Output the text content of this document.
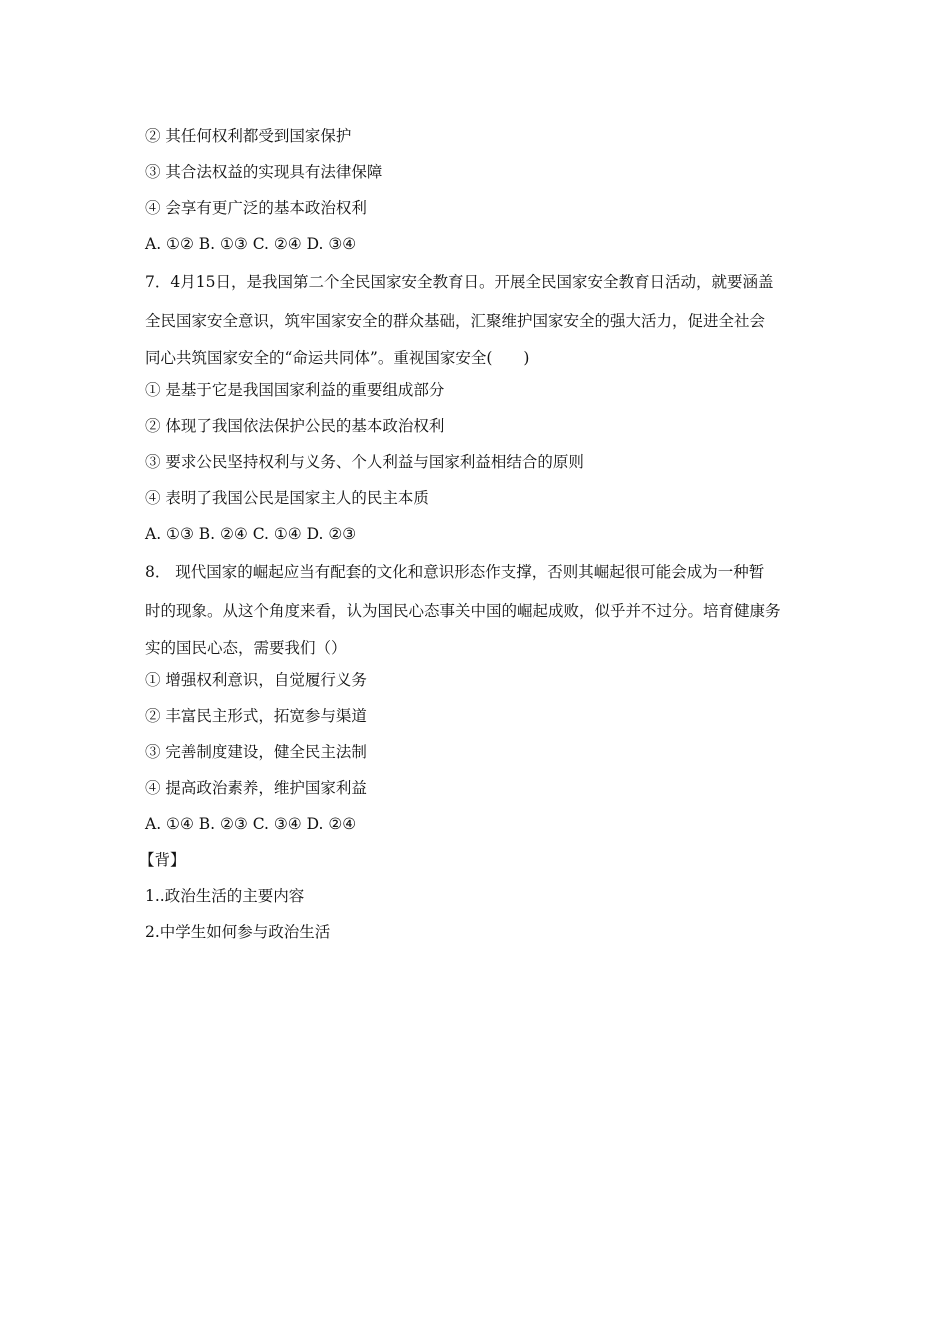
② 其任何权利都受到国家保护

③ 其合法权益的实现具有法律保障

④ 会享有更广泛的基本政治权利

A. ①② B. ①③ C. ②④ D. ③④

7．4月15日，是我国第二个全民国家安全教育日。开展全民国家安全教育日活动，就要涵盖

全民国家安全意识，筑牢国家安全的群众基础，汇聚维护国家安全的强大活力，促进全社会

同心共筑国家安全的“命运共同体”。重视国家安全(　　)

① 是基于它是我国国家利益的重要组成部分

② 体现了我国依法保护公民的基本政治权利

③ 要求公民坚持权利与义务、个人利益与国家利益相结合的原则

④ 表明了我国公民是国家主人的民主本质

A. ①③ B. ②④ C. ①④ D. ②③

8． 现代国家的崛起应当有配套的文化和意识形态作支撑，否则其崛起很可能会成为一种暂

时的现象。从这个角度来看，认为国民心态事关中国的崛起成败，似乎并不过分。培育健康务

实的国民心态，需要我们（）

① 增强权利意识，自觉履行义务

② 丰富民主形式，拓宽参与渠道

③ 完善制度建设，健全民主法制

④ 提高政治素养，维护国家利益

A. ①④ B. ②③ C. ③④ D. ②④

【背】

1..政治生活的主要内容

2.中学生如何参与政治生活
